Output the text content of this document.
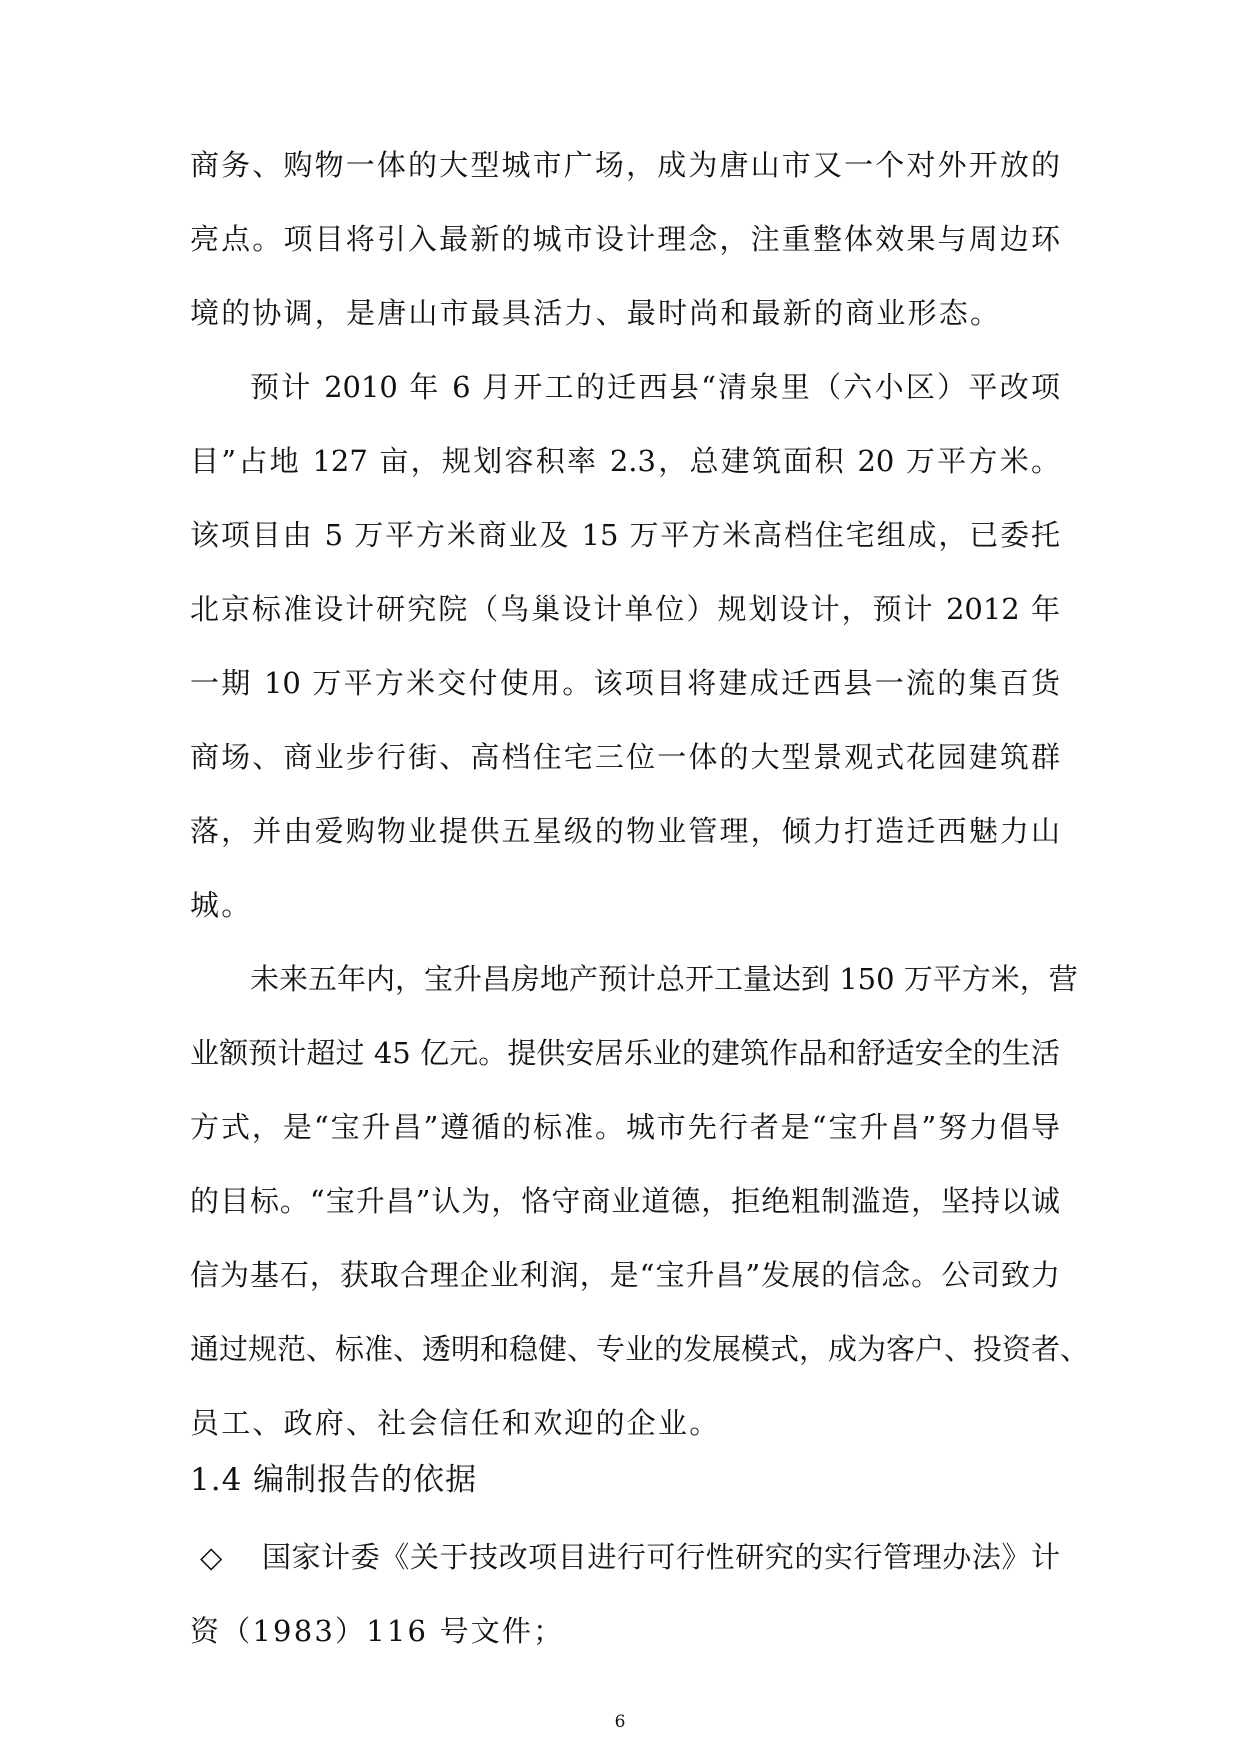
商务、购物一体的大型城市广场，成为唐山市又一个对外开放的
亮点。项目将引入最新的城市设计理念，注重整体效果与周边环
境的协调，是唐山市最具活力、最时尚和最新的商业形态。
预计 2010 年 6 月开工的迁西县“清泉里（六小区）平改项
目”占地 127 亩，规划容积率 2.3，总建筑面积 20 万平方米。
该项目由 5 万平方米商业及 15 万平方米高档住宅组成，已委托
北京标准设计研究院（鸟巢设计单位）规划设计，预计 2012 年
一期 10 万平方米交付使用。该项目将建成迁西县一流的集百货
商场、商业步行街、高档住宅三位一体的大型景观式花园建筑群
落，并由爱购物业提供五星级的物业管理，倾力打造迁西魅力山
城。
未来五年内，宝升昌房地产预计总开工量达到 150 万平方米，营
业额预计超过 45 亿元。提供安居乐业的建筑作品和舒适安全的生活
方式，是“宝升昌”遵循的标准。城市先行者是“宝升昌”努力倡导
的目标。“宝升昌”认为，恪守商业道德，拒绝粗制滥造，坚持以诚
信为基石，获取合理企业利润，是“宝升昌”发展的信念。公司致力
通过规范、标准、透明和稳健、专业的发展模式，成为客户、投资者、
员工、政府、社会信任和欢迎的企业。
1.4 编制报告的依据
◇	国家计委《关于技改项目进行可行性研究的实行管理办法》计
资（1983）116 号文件；
6
